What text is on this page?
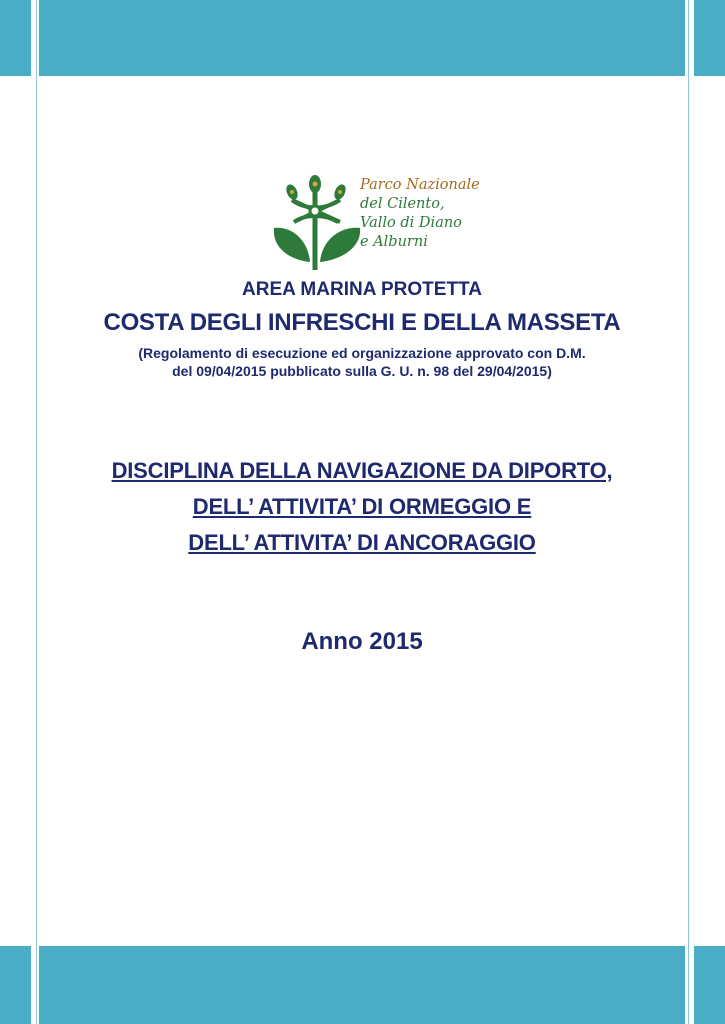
Parco Nazionale
del Cilento,
Vallo di Diano
e Alburni
AREA MARINA PROTETTA
COSTA DEGLI INFRESCHI E DELLA MASSETA
(Regolamento di esecuzione ed organizzazione approvato con D.M.
del 09/04/2015 pubblicato sulla G. U. n. 98 del 29/04/2015)
DISCIPLINA DELLA NAVIGAZIONE DA DIPORTO,
DELL’ ATTIVITA’ DI ORMEGGIO E
DELL’ ATTIVITA’ DI ANCORAGGIO
Anno 2015
